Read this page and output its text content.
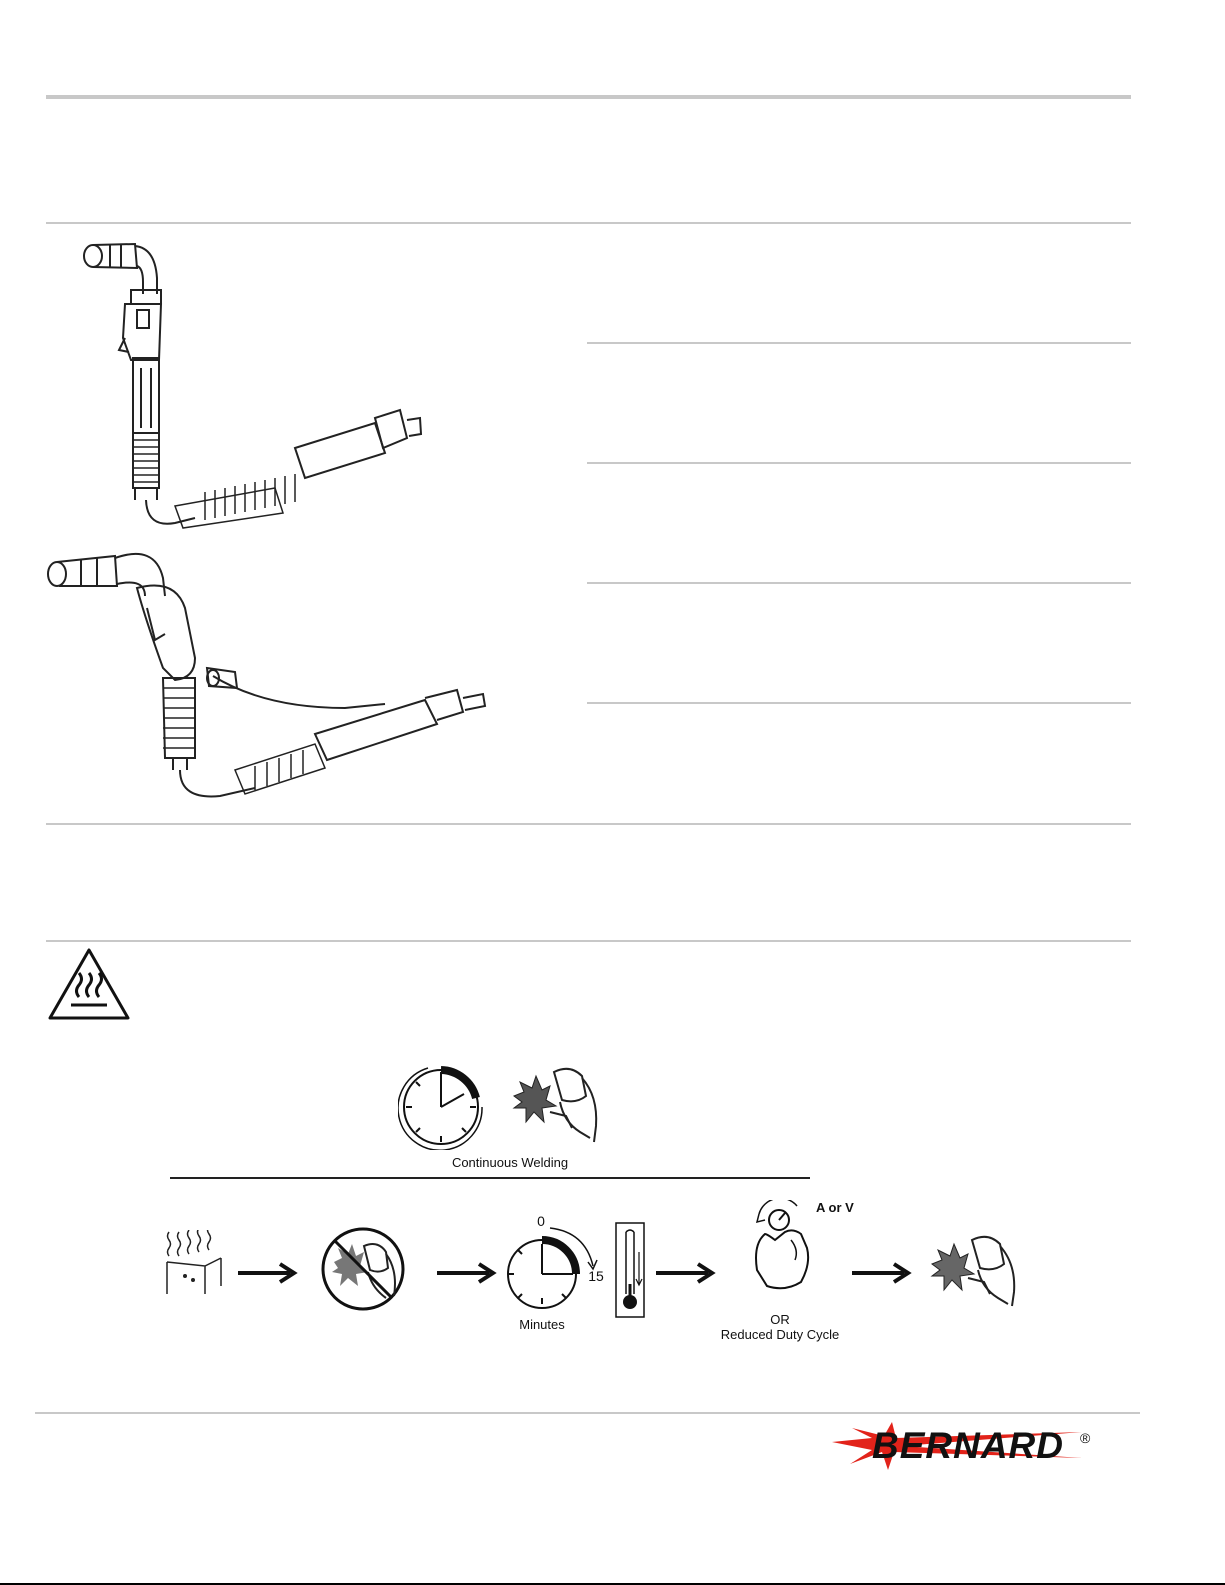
Continuous Welding
0
15
Minutes
A or V
OR
Reduced Duty Cycle
BERNARD ®
